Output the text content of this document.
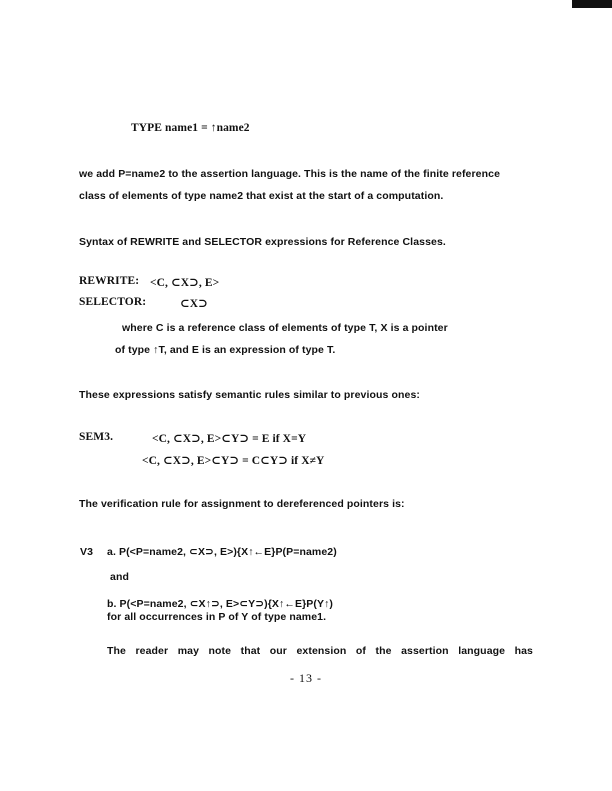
TYPE name1 = ↑name2
we add P=name2 to the assertion language. This is the name of the finite reference
class of elements of type name2 that exist at the start of a computation.
Syntax of REWRITE and SELECTOR expressions for Reference Classes.
REWRITE: <C, ⊂X⊃, E>
SELECTOR:	⊂X⊃
where C is a reference class of elements of type T, X is a pointer
of type ↑T, and E is an expression of type T.
These expressions satisfy semantic rules similar to previous ones:
SEM3.	<C, ⊂X⊃, E>⊂Y⊃ = E if X=Y
<C, ⊂X⊃, E>⊂Y⊃ = C⊂Y⊃ if X≠Y
The verification rule for assignment to dereferenced pointers is:
V3 a. P(<P=name2, ⊂X⊃, E>){X↑←E}P(P=name2)
and
b. P(<P=name2, ⊂X↑⊃, E>⊂Y⊃){X↑←E}P(Y↑)
for all occurrences in P of Y of type name1.
The reader may note that our extension of the assertion language has
- 13 -
